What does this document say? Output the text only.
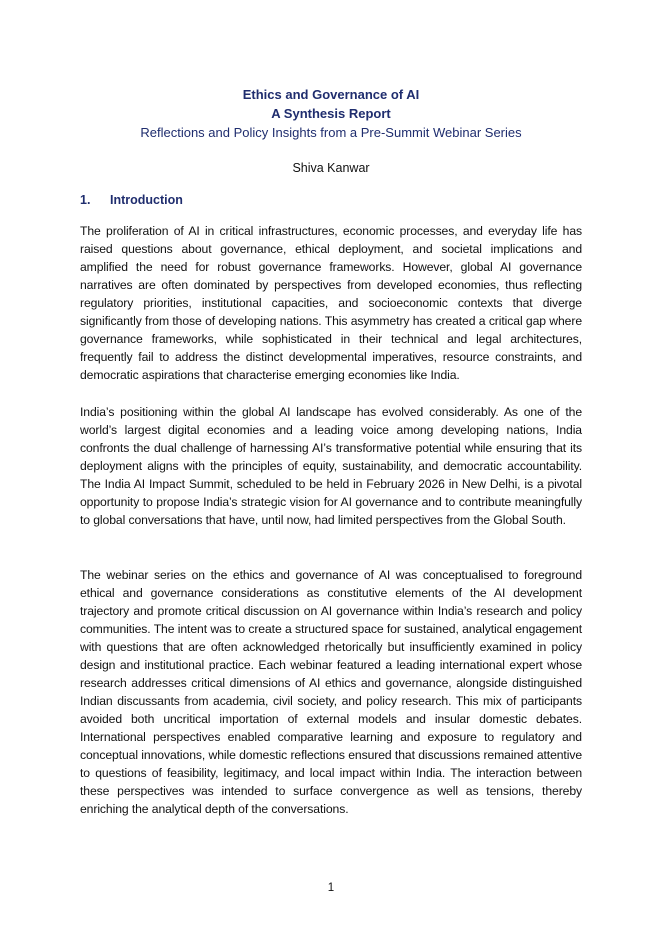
Ethics and Governance of AI

A Synthesis Report

Reflections and Policy Insights from a Pre-Summit Webinar Series

Shiva Kanwar
1.	Introduction

The proliferation of AI in critical infrastructures, economic processes, and everyday life has raised questions about governance, ethical deployment, and societal implications and amplified the need for robust governance frameworks. However, global AI governance narratives are often dominated by perspectives from developed economies, thus reflecting regulatory priorities, institutional capacities, and socioeconomic contexts that diverge significantly from those of developing nations. This asymmetry has created a critical gap where governance frameworks, while sophisticated in their technical and legal architectures, frequently fail to address the distinct developmental imperatives, resource constraints, and democratic aspirations that characterise emerging economies like India.

India’s positioning within the global AI landscape has evolved considerably. As one of the world’s largest digital economies and a leading voice among developing nations, India confronts the dual challenge of harnessing AI’s transformative potential while ensuring that its deployment aligns with the principles of equity, sustainability, and democratic accountability. The India AI Impact Summit, scheduled to be held in February 2026 in New Delhi, is a pivotal opportunity to propose India’s strategic vision for AI governance and to contribute meaningfully to global conversations that have, until now, had limited perspectives from the Global South.

The webinar series on the ethics and governance of AI was conceptualised to foreground ethical and governance considerations as constitutive elements of the AI development trajectory and promote critical discussion on AI governance within India’s research and policy communities. The intent was to create a structured space for sustained, analytical engagement with questions that are often acknowledged rhetorically but insufficiently examined in policy design and institutional practice. Each webinar featured a leading international expert whose research addresses critical dimensions of AI ethics and governance, alongside distinguished Indian discussants from academia, civil society, and policy research. This mix of participants avoided both uncritical importation of external models and insular domestic debates. International perspectives enabled comparative learning and exposure to regulatory and conceptual innovations, while domestic reflections ensured that discussions remained attentive to questions of feasibility, legitimacy, and local impact within India. The interaction between these perspectives was intended to surface convergence as well as tensions, thereby enriching the analytical depth of the conversations.

1
